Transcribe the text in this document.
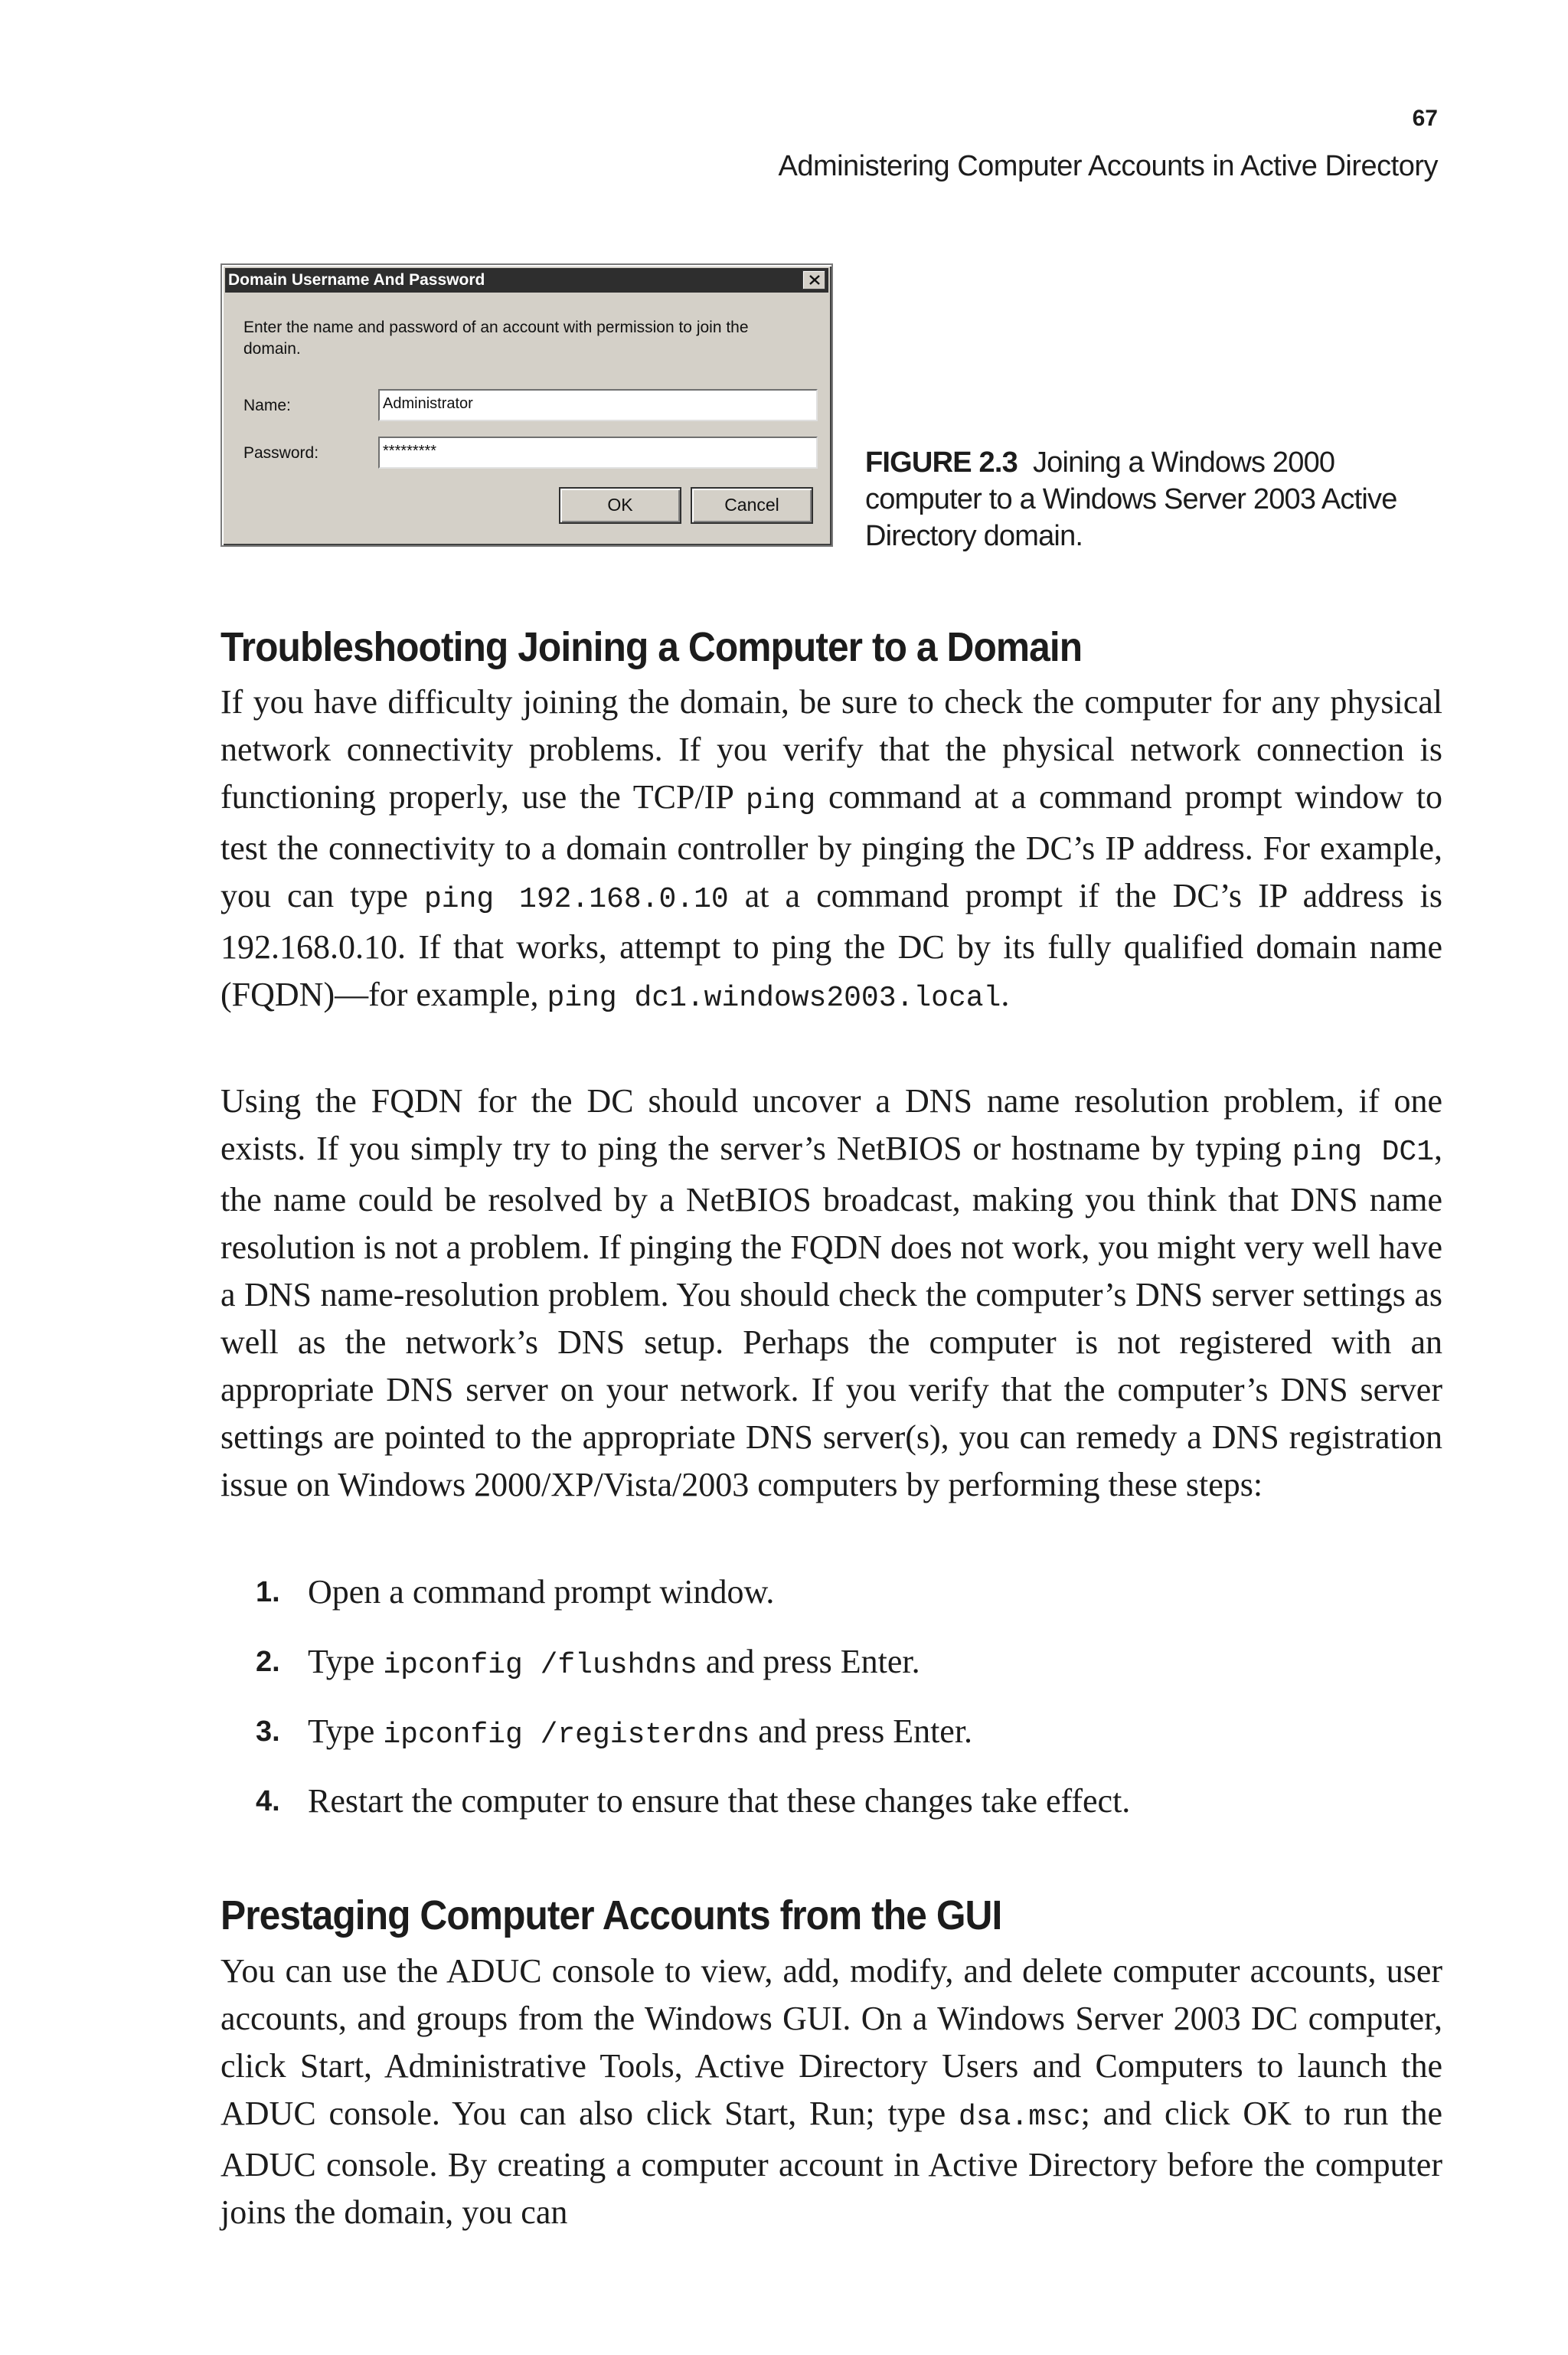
67
Administering Computer Accounts in Active Directory
Domain Username And Password
Enter the name and password of an account with permission to join the domain.
Name:	Administrator
Password:	*********
OK	Cancel
FIGURE 2.3 Joining a Windows 2000 computer to a Windows Server 2003 Active Directory domain.
Troubleshooting Joining a Computer to a Domain
If you have difficulty joining the domain, be sure to check the computer for any physical network connectivity problems. If you verify that the physical network connection is functioning properly, use the TCP/IP ping command at a command prompt window to test the connectivity to a domain controller by pinging the DC’s IP address. For example, you can type ping 192.168.0.10 at a command prompt if the DC’s IP address is 192.168.0.10. If that works, attempt to ping the DC by its fully qualified domain name (FQDN)—for example, ping dc1.windows2003.local.
Using the FQDN for the DC should uncover a DNS name resolution problem, if one exists. If you simply try to ping the server’s NetBIOS or hostname by typing ping DC1, the name could be resolved by a NetBIOS broadcast, making you think that DNS name resolution is not a problem. If pinging the FQDN does not work, you might very well have a DNS name-resolution problem. You should check the computer’s DNS server settings as well as the network’s DNS setup. Perhaps the computer is not registered with an appropriate DNS server on your network. If you verify that the computer’s DNS server settings are pointed to the appropriate DNS server(s), you can remedy a DNS registration issue on Windows 2000/XP/Vista/2003 computers by performing these steps:
1. Open a command prompt window.
2. Type ipconfig /flushdns and press Enter.
3. Type ipconfig /registerdns and press Enter.
4. Restart the computer to ensure that these changes take effect.
Prestaging Computer Accounts from the GUI
You can use the ADUC console to view, add, modify, and delete computer accounts, user accounts, and groups from the Windows GUI. On a Windows Server 2003 DC computer, click Start, Administrative Tools, Active Directory Users and Computers to launch the ADUC console. You can also click Start, Run; type dsa.msc; and click OK to run the ADUC console. By creating a computer account in Active Directory before the computer joins the domain, you can
